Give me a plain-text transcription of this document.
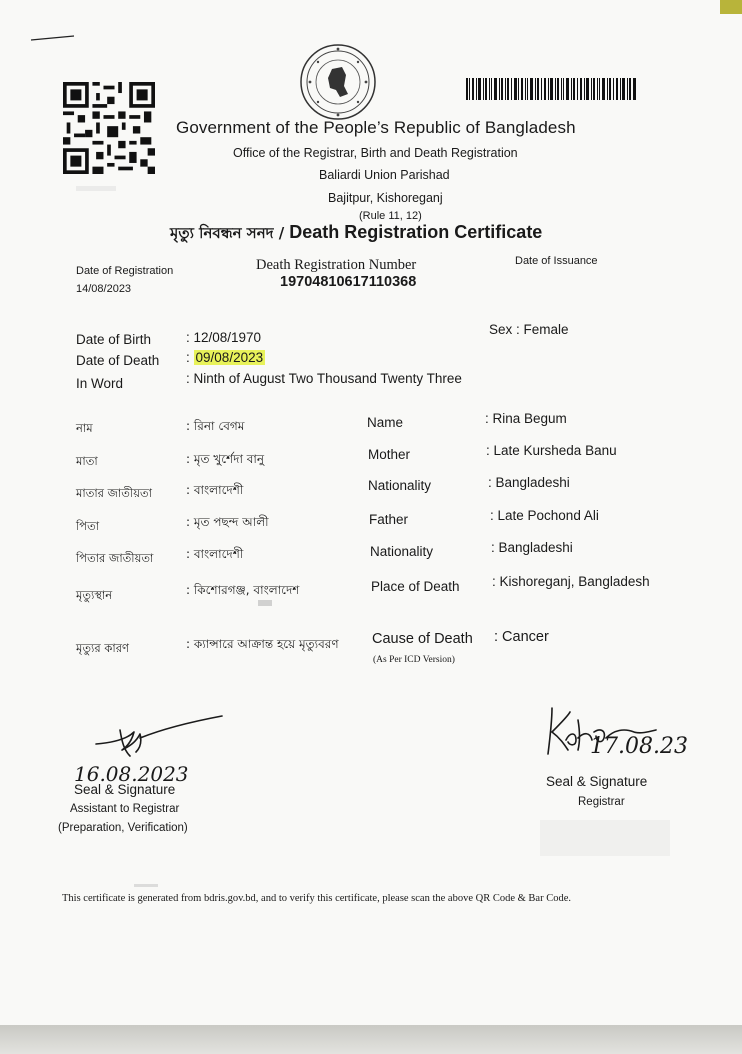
Government of the People’s Republic of Bangladesh
Office of the Registrar, Birth and Death Registration
Baliardi Union Parishad
Bajitpur, Kishoreganj
(Rule 11, 12)
মৃত্যু নিবন্ধন সনদ / Death Registration Certificate
Date of Registration
14/08/2023
Death Registration Number
19704810617110368
Date of Issuance
Date of Birth	: 12/08/1970
Date of Death : 09/08/2023
In Word	: Ninth of August Two Thousand Twenty Three
Sex : Female
নাম	: রিনা বেগম	Name	: Rina Begum
মাতা	: মৃত খুর্শেদা বানু	Mother	: Late Kursheda Banu
মাতার জাতীয়তা	: বাংলাদেশী	Nationality	: Bangladeshi
পিতা	: মৃত পছন্দ আলী	Father	: Late Pochond Ali
পিতার জাতীয়তা	: বাংলাদেশী	Nationality	: Bangladeshi
মৃত্যুস্থান	: কিশোরগঞ্জ, বাংলাদেশ	Place of Death : Kishoreganj, Bangladesh
মৃত্যুর কারণ	: ক্যান্সারে আক্রান্ত হয়ে মৃত্যুবরণ Cause of Death : Cancer
(As Per ICD Version)
16.08.2023
Seal & Signature
Assistant to Registrar
(Preparation, Verification)
17.08.23
Seal & Signature
Registrar
This certificate is generated from bdris.gov.bd, and to verify this certificate, please scan the above QR Code & Bar Code.
